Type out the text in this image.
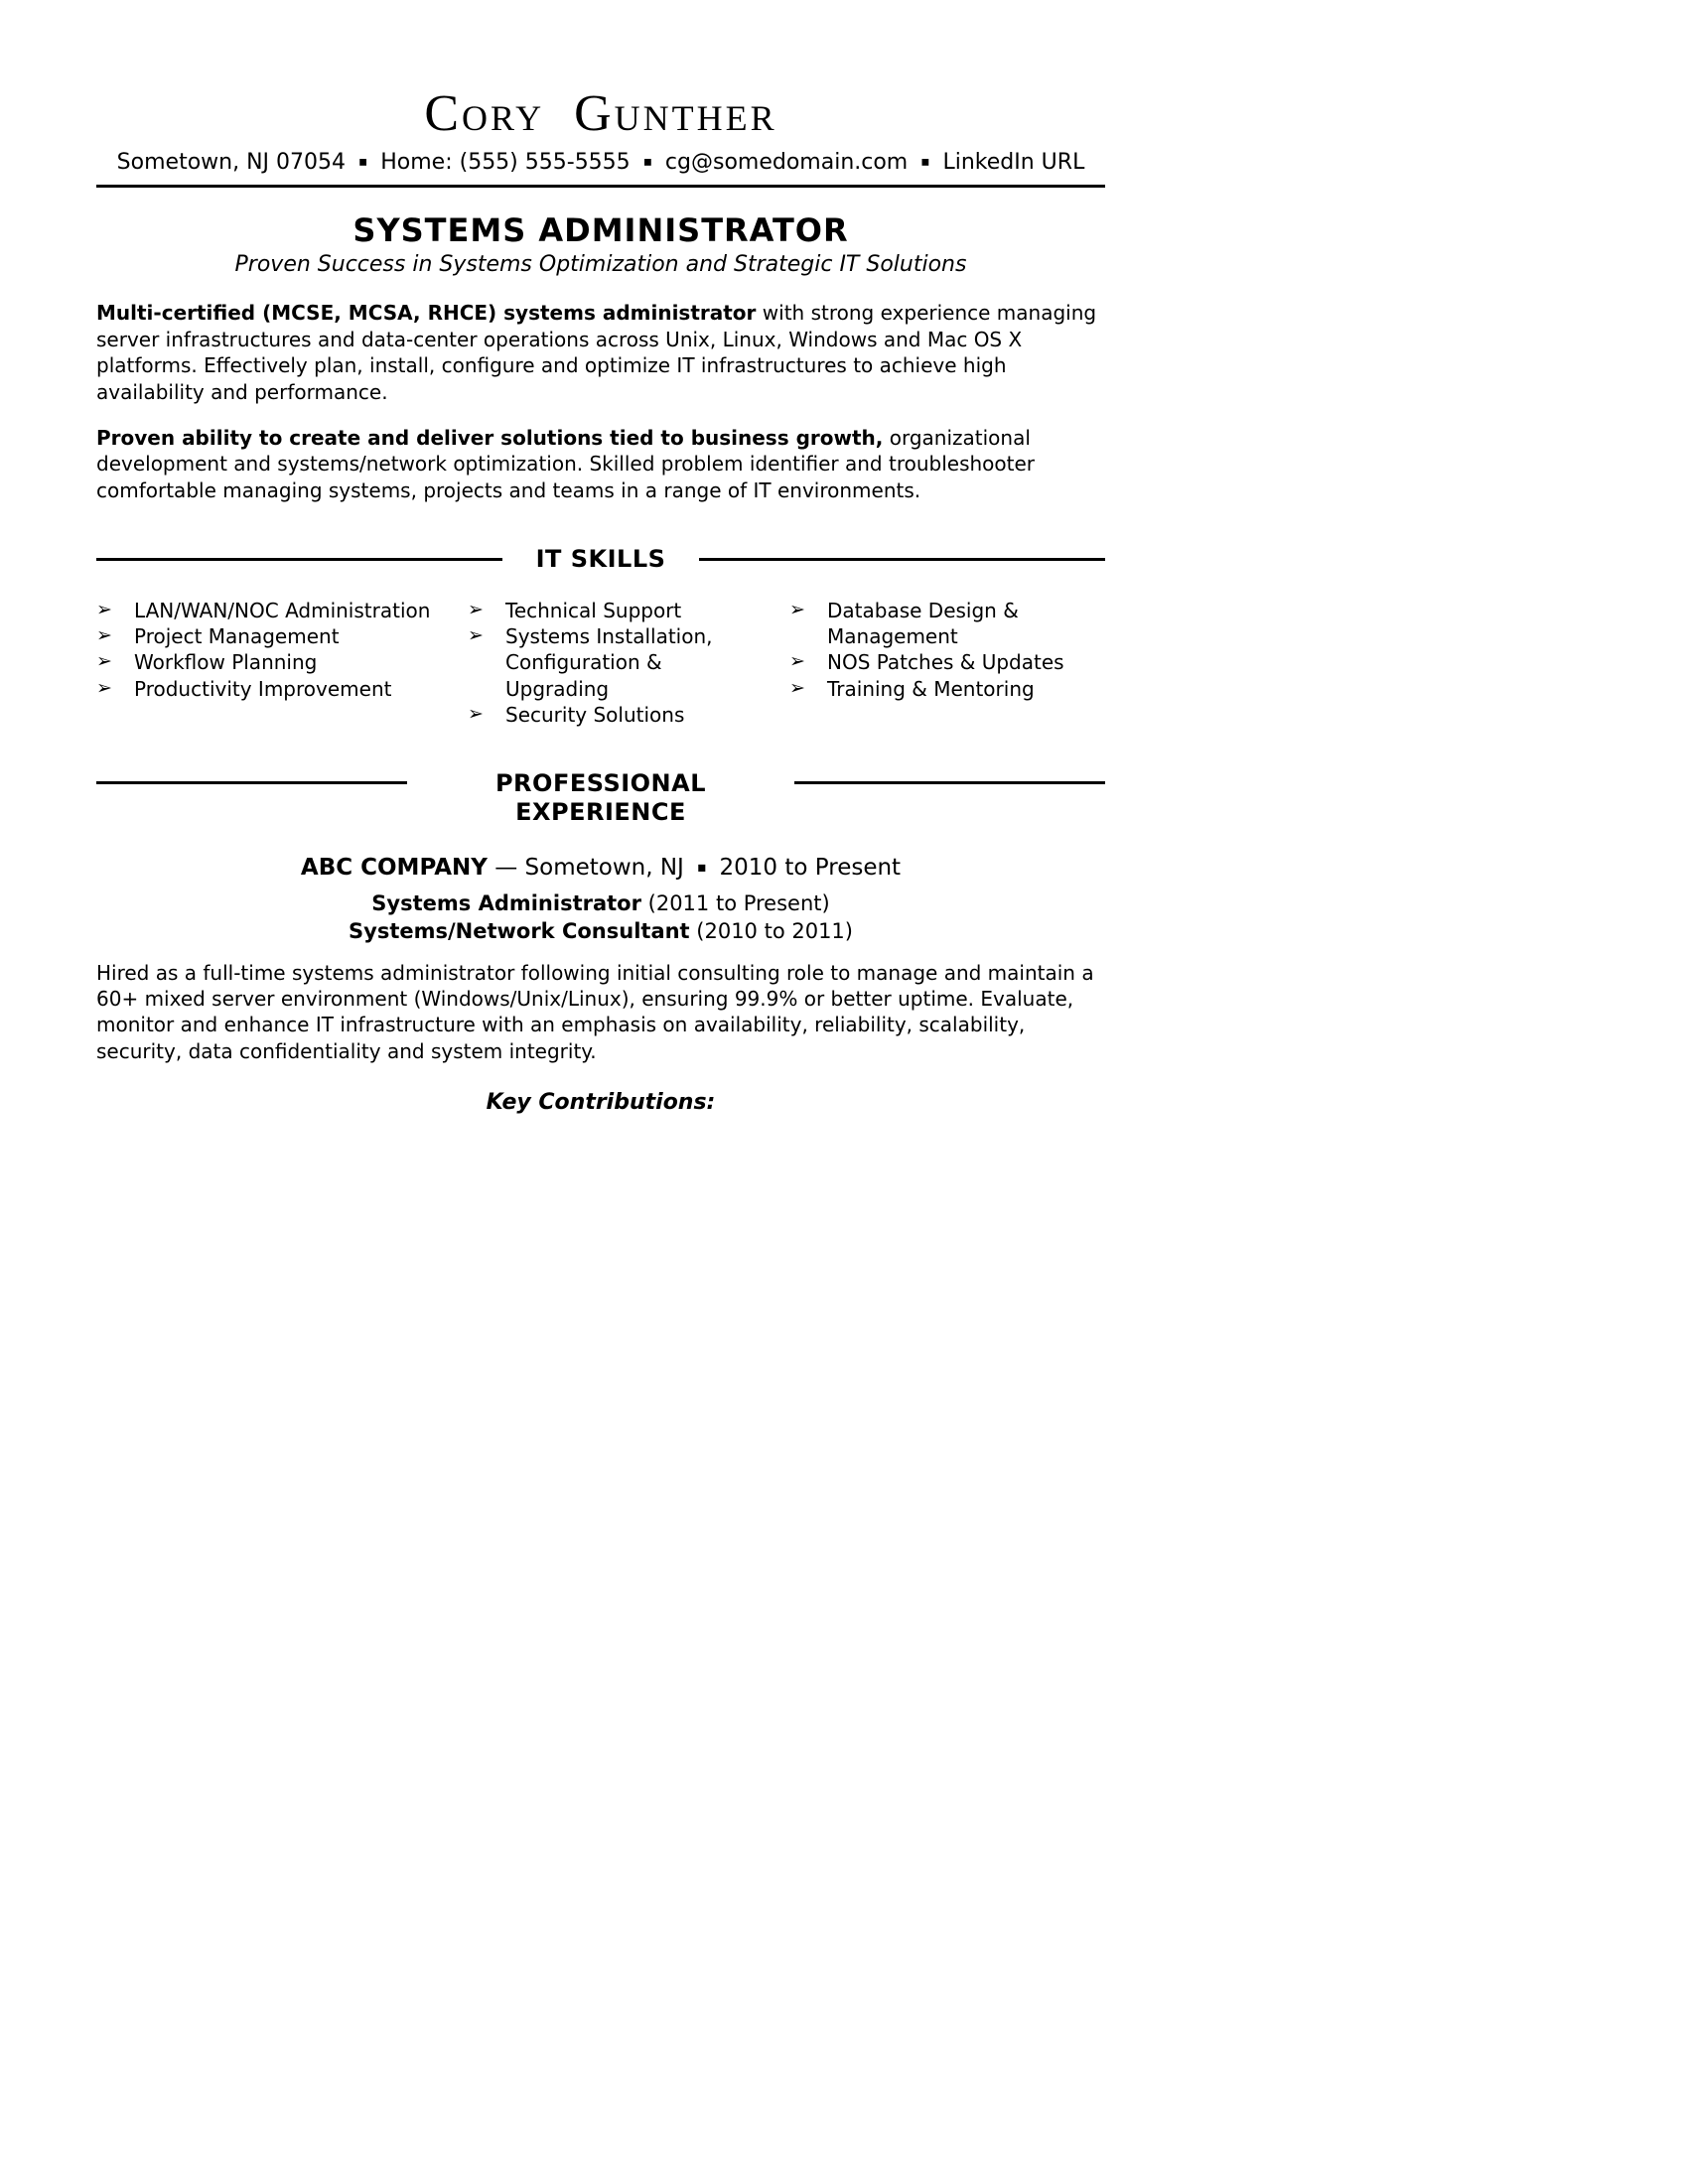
Cory Gunther
Sometown, NJ 07054 ▪ Home: (555) 555-5555 ▪ cg@somedomain.com ▪ LinkedIn URL
SYSTEMS ADMINISTRATOR
Proven Success in Systems Optimization and Strategic IT Solutions

Multi-certified (MCSE, MCSA, RHCE) systems administrator with strong experience managing server infrastructures and data-center operations across Unix, Linux, Windows and Mac OS X platforms. Effectively plan, install, configure and optimize IT infrastructures to achieve high availability and performance.

Proven ability to create and deliver solutions tied to business growth, organizational development and systems/network optimization. Skilled problem identifier and troubleshooter comfortable managing systems, projects and teams in a range of IT environments.

IT SKILLS
➢ LAN/WAN/NOC Administration
➢ Project Management
➢ Workflow Planning
➢ Productivity Improvement
➢ Technical Support
➢ Systems Installation, Configuration & Upgrading
➢ Security Solutions
➢ Database Design & Management
➢ NOS Patches & Updates
➢ Training & Mentoring
PROFESSIONAL EXPERIENCE
ABC COMPANY — Sometown, NJ ▪ 2010 to Present
Systems Administrator (2011 to Present)
Systems/Network Consultant (2010 to 2011)

Hired as a full-time systems administrator following initial consulting role to manage and maintain a 60+ mixed server environment (Windows/Unix/Linux), ensuring 99.9% or better uptime. Evaluate, monitor and enhance IT infrastructure with an emphasis on availability, reliability, scalability, security, data confidentiality and system integrity.

Key Contributions:
